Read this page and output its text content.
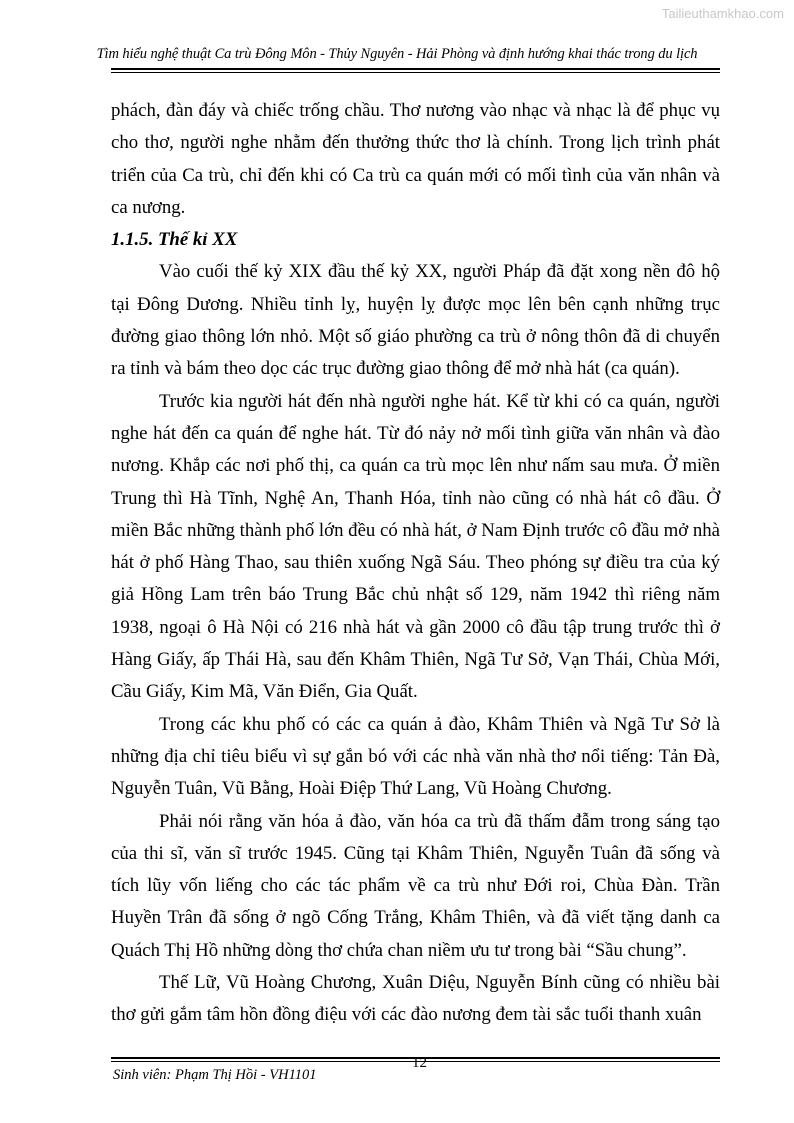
Tailieuthamkhao.com
Tìm hiểu nghệ thuật Ca trù Đông Môn - Thủy Nguyên - Hải Phòng và định hướng khai thác trong du lịch

phách, đàn đáy và chiếc trống chầu. Thơ nương vào nhạc và nhạc là để phục vụ cho thơ, người nghe nhằm đến thưởng thức thơ là chính. Trong lịch trình phát triển của Ca trù, chỉ đến khi có Ca trù ca quán mới có mối tình của văn nhân và ca nương.

1.1.5. Thế kỉ XX

Vào cuối thế kỷ XIX đầu thế kỷ XX, người Pháp đã đặt xong nền đô hộ tại Đông Dương. Nhiều tỉnh lỵ, huyện lỵ được mọc lên bên cạnh những trục đường giao thông lớn nhỏ. Một số giáo phường ca trù ở nông thôn đã di chuyển ra tỉnh và bám theo dọc các trục đường giao thông để mở nhà hát (ca quán).

Trước kia người hát đến nhà người nghe hát. Kể từ khi có ca quán, người nghe hát đến ca quán để nghe hát. Từ đó nảy nở mối tình giữa văn nhân và đào nương. Khắp các nơi phố thị, ca quán ca trù mọc lên như nấm sau mưa. Ở miền Trung thì Hà Tĩnh, Nghệ An, Thanh Hóa, tỉnh nào cũng có nhà hát cô đầu. Ở miền Bắc những thành phố lớn đều có nhà hát, ở Nam Định trước cô đầu mở nhà hát ở phố Hàng Thao, sau thiên xuống Ngã Sáu. Theo phóng sự điều tra của ký giả Hồng Lam trên báo Trung Bắc chủ nhật số 129, năm 1942 thì riêng năm 1938, ngoại ô Hà Nội có 216 nhà hát và gần 2000 cô đầu tập trung trước thì ở Hàng Giấy, ấp Thái Hà, sau đến Khâm Thiên, Ngã Tư Sở, Vạn Thái, Chùa Mới, Cầu Giấy, Kim Mã, Văn Điển, Gia Quất.

Trong các khu phố có các ca quán ả đào, Khâm Thiên và Ngã Tư Sở là những địa chỉ tiêu biểu vì sự gắn bó với các nhà văn nhà thơ nổi tiếng: Tản Đà, Nguyễn Tuân, Vũ Bằng, Hoài Điệp Thứ Lang, Vũ Hoàng Chương.

Phải nói rằng văn hóa ả đào, văn hóa ca trù đã thấm đẫm trong sáng tạo của thi sĩ, văn sĩ trước 1945. Cũng tại Khâm Thiên, Nguyễn Tuân đã sống và tích lũy vốn liếng cho các tác phẩm về ca trù như Đới roi, Chùa Đàn. Trần Huyền Trân đã sống ở ngõ Cống Trắng, Khâm Thiên, và đã viết tặng danh ca Quách Thị Hồ những dòng thơ chứa chan niềm ưu tư trong bài “Sầu chung”.

Thế Lữ, Vũ Hoàng Chương, Xuân Diệu, Nguyễn Bính cũng có nhiều bài thơ gửi gắm tâm hồn đồng điệu với các đào nương đem tài sắc tuổi thanh xuân

Sinh viên: Phạm Thị Hồi - VH1101
12
